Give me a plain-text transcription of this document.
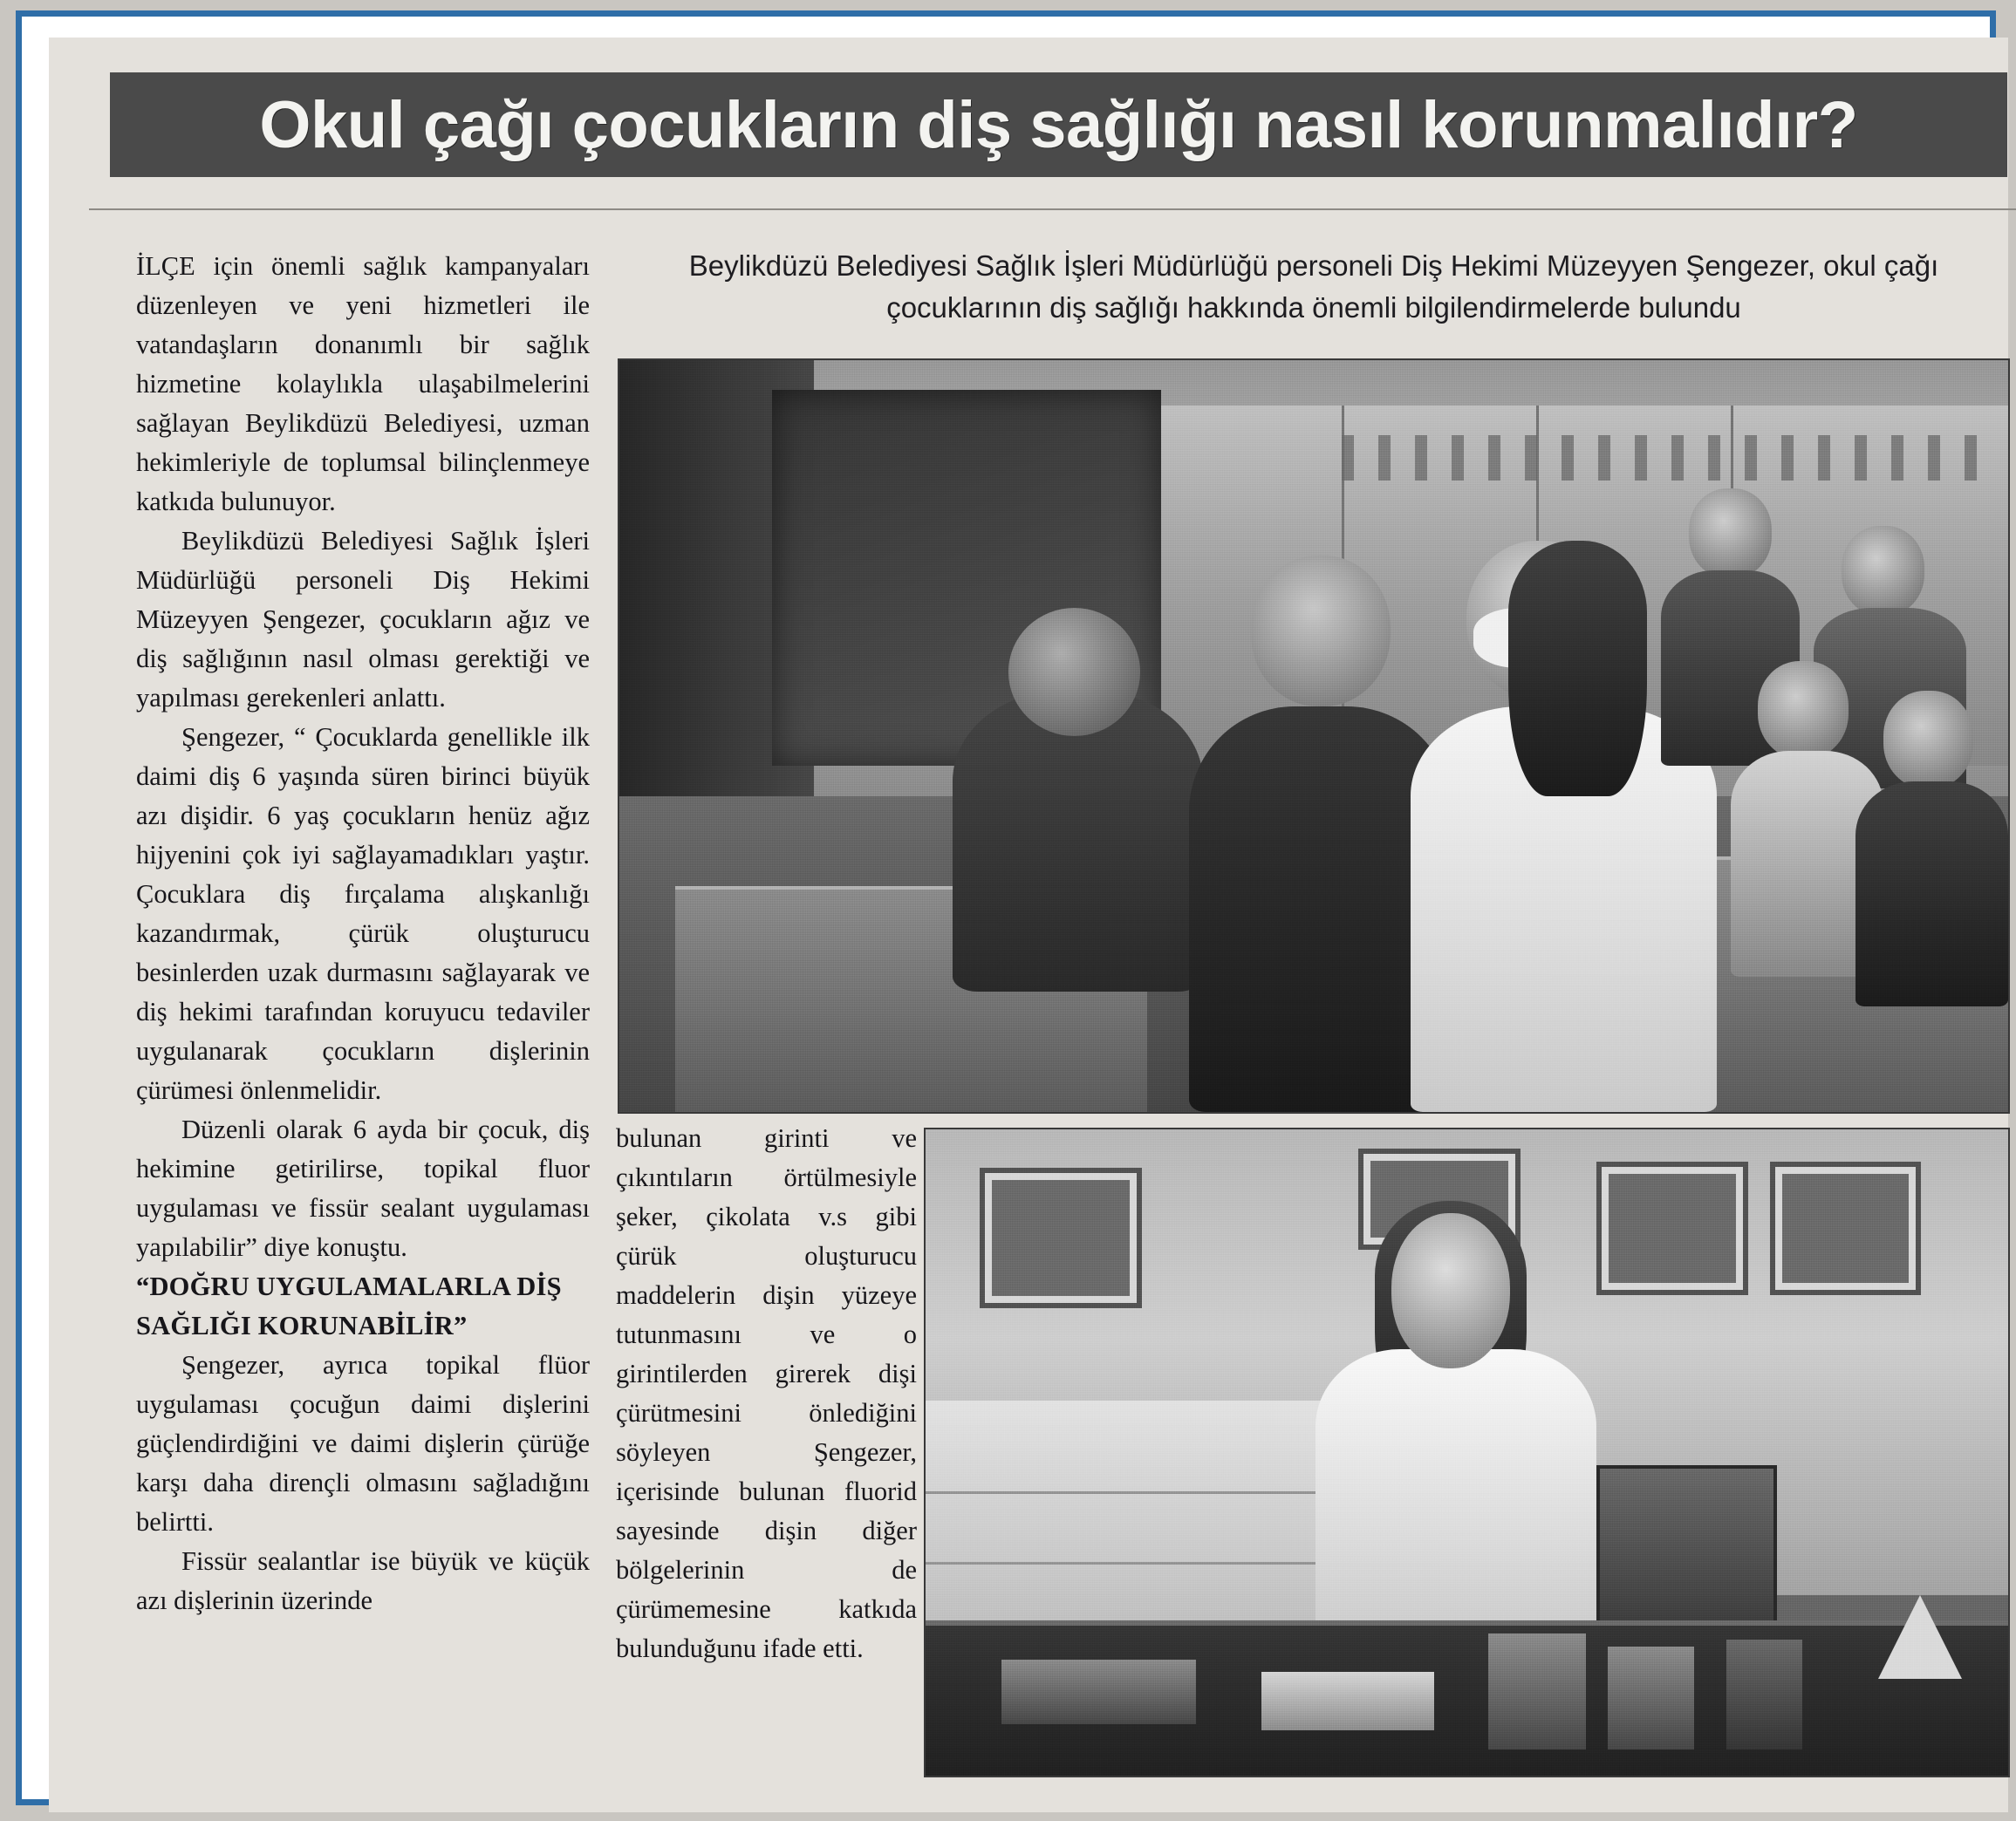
Okul çağı çocukların diş sağlığı nasıl korunmalıdır?
Beylikdüzü Belediyesi Sağlık İşleri Müdürlüğü personeli Diş Hekimi Müzeyyen Şengezer, okul çağı çocuklarının diş sağlığı hakkında önemli bilgilendirmelerde bulundu

İLÇE için önemli sağlık kampanyaları düzenleyen ve yeni hizmetleri ile vatandaşların donanımlı bir sağlık hizmetine kolaylıkla ulaşabilmelerini sağlayan Beylikdüzü Belediyesi, uzman hekimleriyle de toplumsal bilinçlenmeye katkıda bulunuyor.

Beylikdüzü Belediyesi Sağlık İşleri Müdürlüğü personeli Diş Hekimi Müzeyyen Şengezer, çocukların ağız ve diş sağlığının nasıl olması gerektiği ve yapılması gerekenleri anlattı.

Şengezer, “ Çocuklarda genellikle ilk daimi diş 6 yaşında süren birinci büyük azı dişidir. 6 yaş çocukların henüz ağız hijyenini çok iyi sağlayamadıkları yaştır. Çocuklara diş fırçalama alışkanlığı kazandırmak, çürük oluşturucu besinlerden uzak durmasını sağlayarak ve diş hekimi tarafından koruyucu tedaviler uygulanarak çocukların dişlerinin çürümesi önlenmelidir.

Düzenli olarak 6 ayda bir çocuk, diş hekimine getirilirse, topikal fluor uygulaması ve fissür sealant uygulaması yapılabilir” diye konuştu.

“DOĞRU UYGULAMALARLA DİŞ SAĞLIĞI KORUNABİLİR”

Şengezer, ayrıca topikal flüor uygulaması çocuğun daimi dişlerini güçlendirdiğini ve daimi dişlerin çürüğe karşı daha dirençli olmasını sağladığını belirtti.

Fissür sealantlar ise büyük ve küçük azı dişlerinin üzerinde

bulunan girinti ve çıkıntıların örtülmesiyle şeker, çikolata v.s gibi çürük oluşturucu maddelerin dişin yüzeye tutunmasını ve o girintilerden girerek dişi çürütmesini önlediğini söyleyen Şengezer, içerisinde bulunan fluorid sayesinde dişin diğer bölgelerinin de çürümemesine katkıda bulunduğunu ifade etti.
